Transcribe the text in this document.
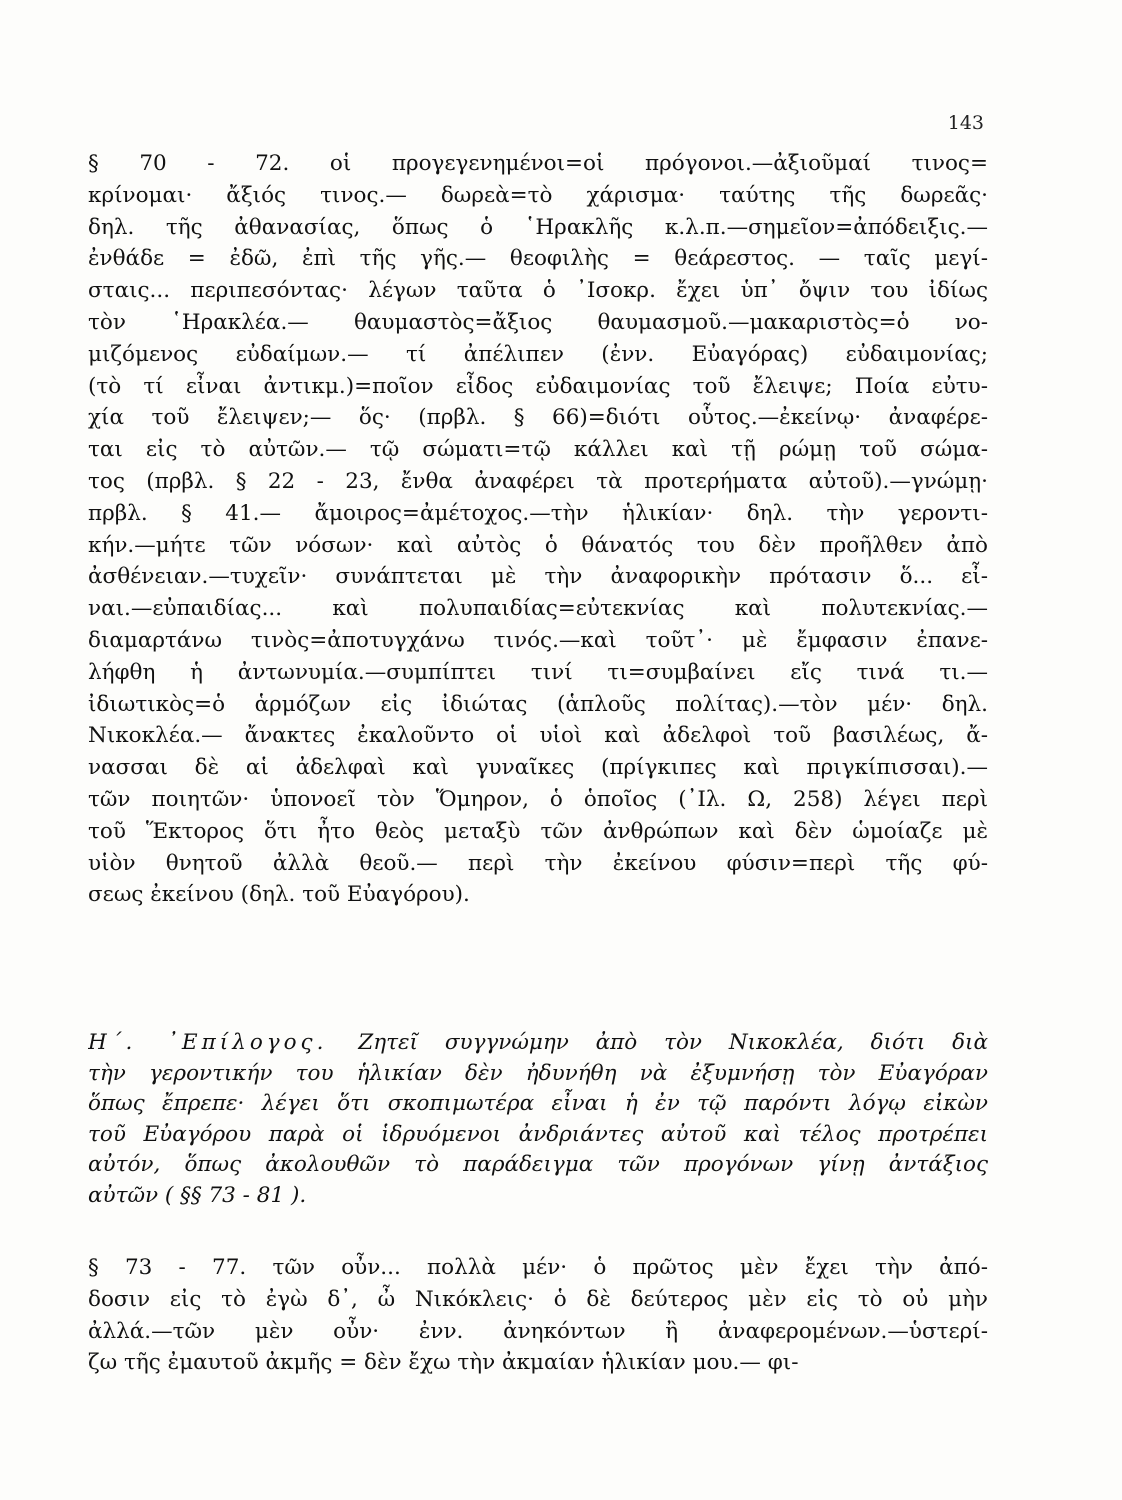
143
§ 70 - 72. οἱ προγεγενημένοι=οἱ πρόγονοι.—ἀξιοῦμαί τινος=
κρίνομαι· ἄξιός τινος.— δωρεὰ=τὸ χάρισμα· ταύτης τῆς δωρεᾶς·
δηλ. τῆς ἀθανασίας, ὅπως ὁ ῾Ηρακλῆς κ.λ.π.—σημεῖον=ἀπόδειξις.—
ἐνθάδε = ἐδῶ, ἐπὶ τῆς γῆς.— θεοφιλὴς = θεάρεστος. — ταῖς μεγί-
σταις... περιπεσόντας· λέγων ταῦτα ὁ ᾿Ισοκρ. ἔχει ὑπ᾿ ὄψιν του ἰδίως
τὸν ῾Ηρακλέα.— θαυμαστὸς=ἄξιος θαυμασμοῦ.—μακαριστὸς=ὁ νο-
μιζόμενος εὐδαίμων.— τί ἀπέλιπεν (ἐνν. Εὐαγόρας) εὐδαιμονίας;
(τὸ τί εἶναι ἀντικμ.)=ποῖον εἶδος εὐδαιμονίας τοῦ ἔλειψε; Ποία εὐτυ-
χία τοῦ ἔλειψεν;— ὅς· (πρβλ. § 66)=διότι οὗτος.—ἐκείνῳ· ἀναφέρε-
ται εἰς τὸ αὐτῶν.— τῷ σώματι=τῷ κάλλει καὶ τῇ ρώμῃ τοῦ σώμα-
τος (πρβλ. § 22 - 23, ἔνθα ἀναφέρει τὰ προτερήματα αὐτοῦ).—γνώμῃ·
πρβλ. § 41.— ἄμοιρος=ἀμέτοχος.—τὴν ἡλικίαν· δηλ. τὴν γεροντι-
κήν.—μήτε τῶν νόσων· καὶ αὐτὸς ὁ θάνατός του δὲν προῆλθεν ἀπὸ
ἀσθένειαν.—τυχεῖν· συνάπτεται μὲ τὴν ἀναφορικὴν πρότασιν ὅ... εἶ-
ναι.—εὐπαιδίας... καὶ πολυπαιδίας=εὐτεκνίας καὶ πολυτεκνίας.—
διαμαρτάνω τινὸς=ἀποτυγχάνω τινός.—καὶ τοῦτ᾿· μὲ ἔμφασιν ἐπανε-
λήφθη ἡ ἀντωνυμία.—συμπίπτει τινί τι=συμβαίνει εἴς τινά τι.—
ἰδιωτικὸς=ὁ ἁρμόζων εἰς ἰδιώτας (ἁπλοῦς πολίτας).—τὸν μέν· δηλ.
Νικοκλέα.— ἄνακτες ἐκαλοῦντο οἱ υἱοὶ καὶ ἀδελφοὶ τοῦ βασιλέως, ἄ-
νασσαι δὲ αἱ ἀδελφαὶ καὶ γυναῖκες (πρίγκιπες καὶ πριγκίπισσαι).—
τῶν ποιητῶν· ὑπονοεῖ τὸν Ὅμηρον, ὁ ὁποῖος (᾿Ιλ. Ω, 258) λέγει περὶ
τοῦ Ἕκτορος ὅτι ἦτο θεὸς μεταξὺ τῶν ἀνθρώπων καὶ δὲν ὡμοίαζε μὲ
υἱὸν θνητοῦ ἀλλὰ θεοῦ.— περὶ τὴν ἐκείνου φύσιν=περὶ τῆς φύ-
σεως ἐκείνου (δηλ. τοῦ Εὐαγόρου).
Η΄. ᾿Επίλογος. Ζητεῖ συγγνώμην ἀπὸ τὸν Νικοκλέα, διότι διὰ
τὴν γεροντικήν του ἡλικίαν δὲν ἠδυνήθη νὰ ἐξυμνήσῃ τὸν Εὐαγόραν
ὅπως ἔπρεπε· λέγει ὅτι σκοπιμωτέρα εἶναι ἡ ἐν τῷ παρόντι λόγῳ εἰκὼν
τοῦ Εὐαγόρου παρὰ οἱ ἱδρυόμενοι ἀνδριάντες αὐτοῦ καὶ τέλος προτρέπει
αὐτόν, ὅπως ἀκολουθῶν τὸ παράδειγμα τῶν προγόνων γίνῃ ἀντάξιος
αὐτῶν ( §§ 73 - 81 ).
§ 73 - 77. τῶν οὖν... πολλὰ μέν· ὁ πρῶτος μὲν ἔχει τὴν ἀπό-
δοσιν εἰς τὸ ἐγὼ δ᾿, ὦ Νικόκλεις· ὁ δὲ δεύτερος μὲν εἰς τὸ οὐ μὴν
ἀλλά.—τῶν μὲν οὖν· ἐνν. ἀνηκόντων ἢ ἀναφερομένων.—ὑστερί-
ζω τῆς ἐμαυτοῦ ἀκμῆς = δὲν ἔχω τὴν ἀκμαίαν ἡλικίαν μου.— φι-
